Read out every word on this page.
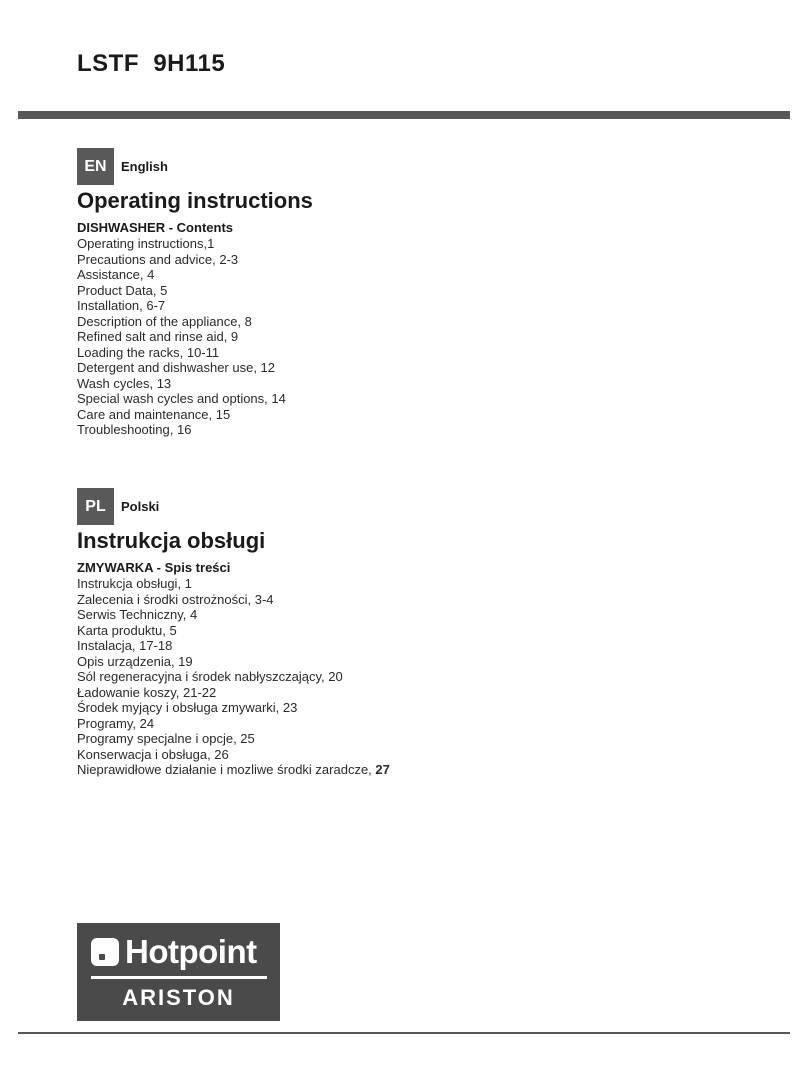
LSTF  9H115
EN	English
Operating instructions
DISHWASHER - Contents
Operating instructions,1
Precautions and advice, 2-3
Assistance, 4
Product Data, 5
Installation, 6-7
Description of the appliance, 8
Refined salt and rinse aid, 9
Loading the racks, 10-11
Detergent and dishwasher use, 12
Wash cycles, 13
Special wash cycles and options, 14
Care and maintenance, 15
Troubleshooting, 16
PL	Polski
Instrukcja obsługi
ZMYWARKA - Spis treści
Instrukcja obsługi, 1
Zalecenia i środki ostrożności, 3-4
Serwis Techniczny, 4
Karta produktu, 5
Instalacja, 17-18
Opis urządzenia, 19
Sól regeneracyjna i środek nabłyszczający, 20
Ładowanie koszy, 21-22
Środek myjący i obsługa zmywarki, 23
Programy, 24
Programy specjalne i opcje, 25
Konserwacja i obsługa, 26
Nieprawidłowe działanie i mozliwe środki zaradcze, 27
Hotpoint
ARISTON
